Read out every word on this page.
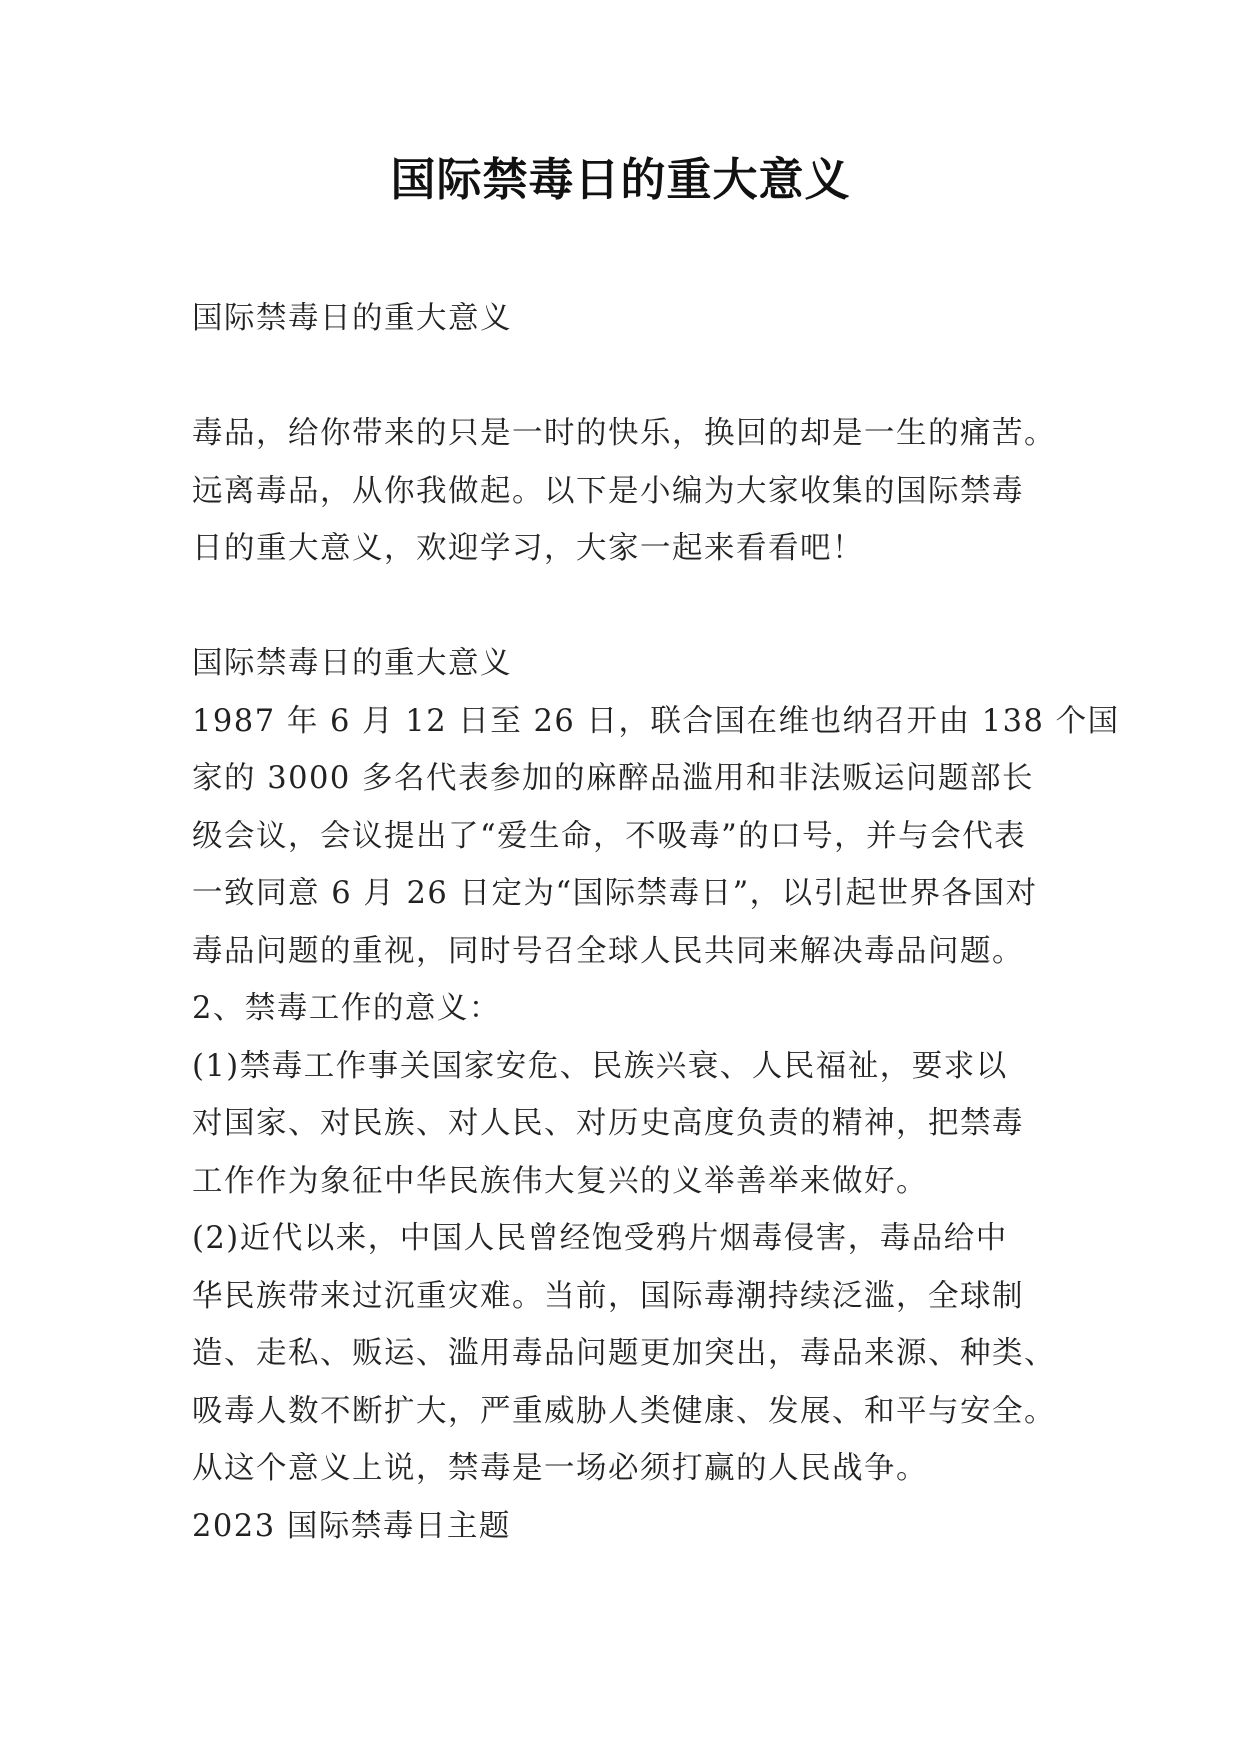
国际禁毒日的重大意义
国际禁毒日的重大意义
毒品，给你带来的只是一时的快乐，换回的却是一生的痛苦。
远离毒品，从你我做起。以下是小编为大家收集的国际禁毒
日的重大意义，欢迎学习，大家一起来看看吧！
国际禁毒日的重大意义
1987 年 6 月 12 日至 26 日，联合国在维也纳召开由 138 个国
家的 3000 多名代表参加的麻醉品滥用和非法贩运问题部长
级会议，会议提出了“爱生命，不吸毒”的口号，并与会代表
一致同意 6 月 26 日定为“国际禁毒日”，以引起世界各国对
毒品问题的重视，同时号召全球人民共同来解决毒品问题。
2、禁毒工作的意义：
(1)禁毒工作事关国家安危、民族兴衰、人民福祉，要求以
对国家、对民族、对人民、对历史高度负责的精神，把禁毒
工作作为象征中华民族伟大复兴的义举善举来做好。
(2)近代以来，中国人民曾经饱受鸦片烟毒侵害，毒品给中
华民族带来过沉重灾难。当前，国际毒潮持续泛滥，全球制
造、走私、贩运、滥用毒品问题更加突出，毒品来源、种类、
吸毒人数不断扩大，严重威胁人类健康、发展、和平与安全。
从这个意义上说，禁毒是一场必须打赢的人民战争。
2023 国际禁毒日主题
